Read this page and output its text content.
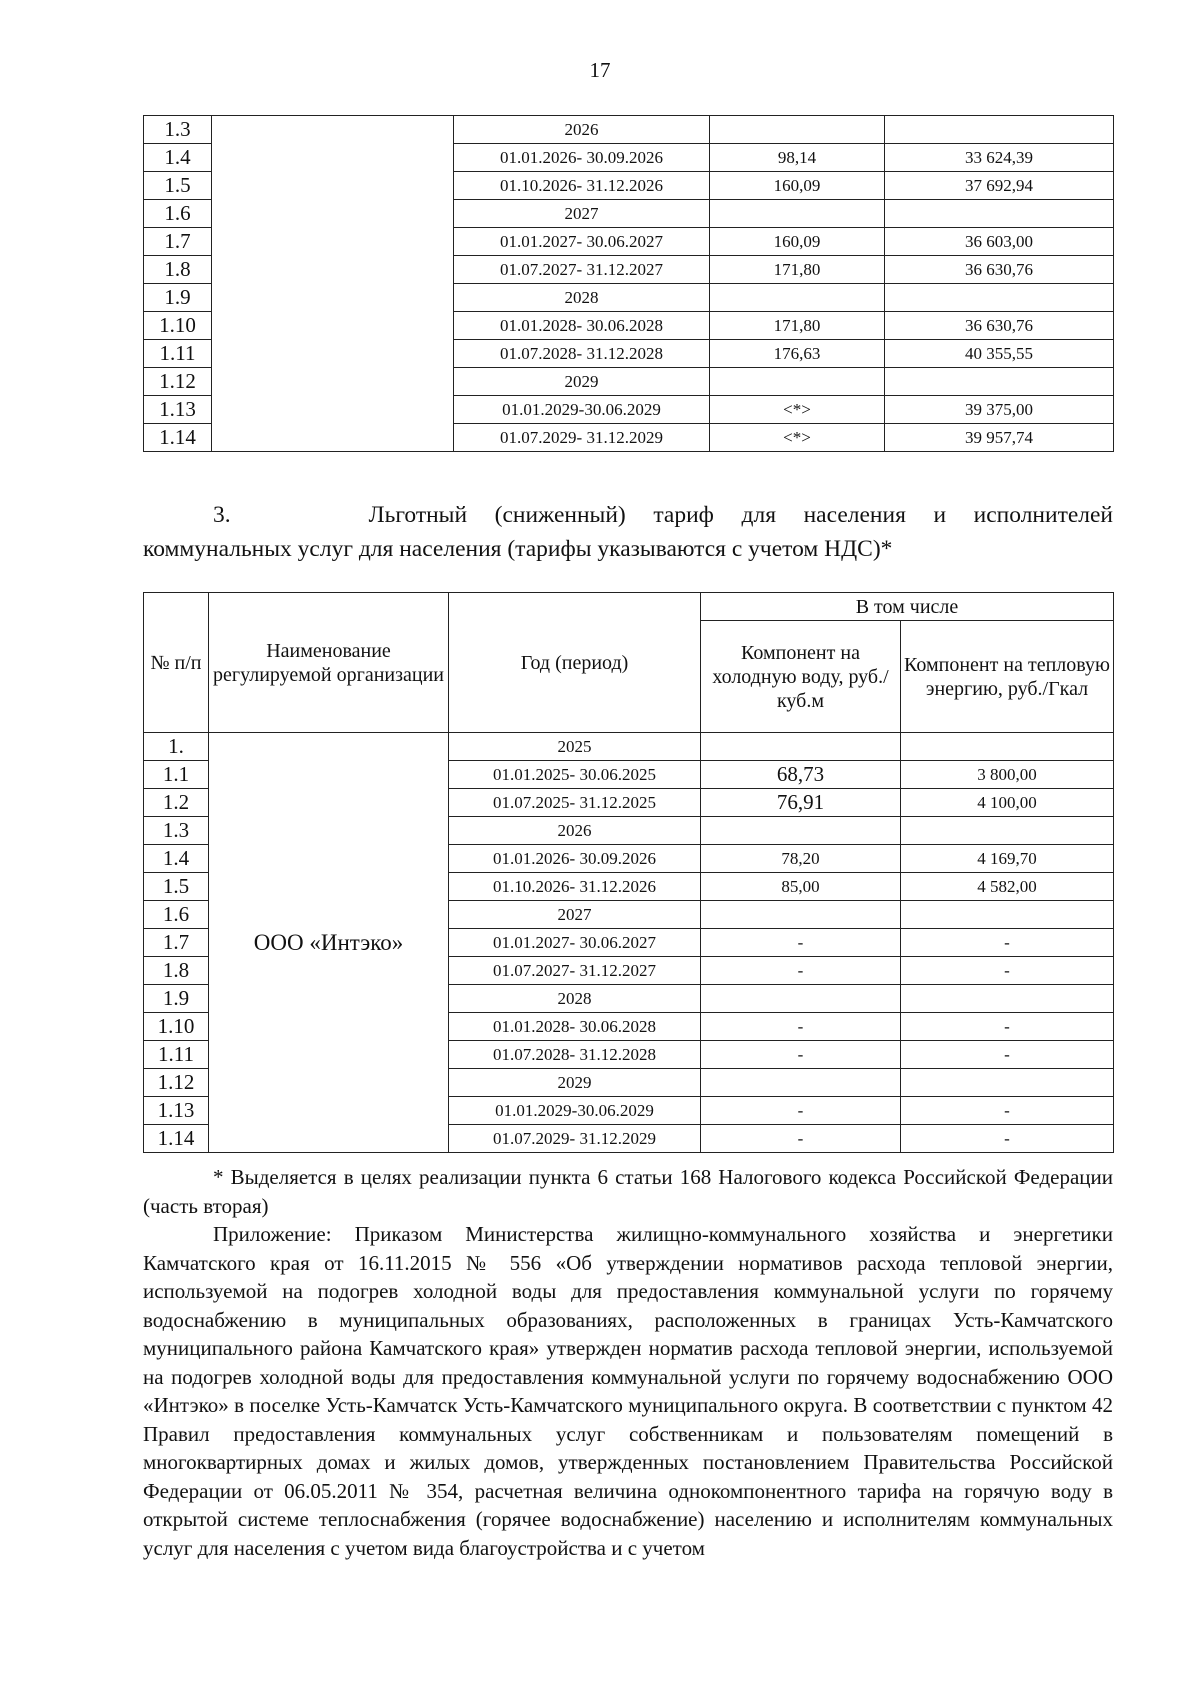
17
1.3		2026		
1.4		01.01.2026- 30.09.2026	98,14	33 624,39
1.5		01.10.2026- 31.12.2026	160,09	37 692,94
1.6		2027		
1.7		01.01.2027- 30.06.2027	160,09	36 603,00
1.8		01.07.2027- 31.12.2027	171,80	36 630,76
1.9		2028		
1.10		01.01.2028- 30.06.2028	171,80	36 630,76
1.11		01.07.2028- 31.12.2028	176,63	40 355,55
1.12		2029		
1.13		01.01.2029-30.06.2029	<*>	39 375,00
1.14		01.07.2029- 31.12.2029	<*>	39 957,74
3.	Льготный (сниженный) тариф для населения и исполнителей
коммунальных услуг для населения (тарифы указываются с учетом НДС)*
№ п/п	Наименование регулируемой организации	Год (период)	В том числе	
			Компонент на холодную воду, руб./куб.м	Компонент на тепловую энергию, руб./Гкал
1.	ООО «Интэко»	2025		
1.1		01.01.2025- 30.06.2025	68,73	3 800,00
1.2		01.07.2025- 31.12.2025	76,91	4 100,00
1.3		2026		
1.4		01.01.2026- 30.09.2026	78,20	4 169,70
1.5		01.10.2026- 31.12.2026	85,00	4 582,00
1.6		2027		
1.7		01.01.2027- 30.06.2027	-	-
1.8		01.07.2027- 31.12.2027	-	-
1.9		2028		
1.10		01.01.2028- 30.06.2028	-	-
1.11		01.07.2028- 31.12.2028	-	-
1.12		2029		
1.13		01.01.2029-30.06.2029	-	-
1.14		01.07.2029- 31.12.2029	-	-

* Выделяется в целях реализации пункта 6 статьи 168 Налогового кодекса Российской Федерации (часть вторая)

Приложение: Приказом Министерства жилищно-коммунального хозяйства и энергетики Камчатского края от 16.11.2015 № 556 «Об утверждении нормативов расхода тепловой энергии, используемой на подогрев холодной воды для предоставления коммунальной услуги по горячему водоснабжению в муниципальных образованиях, расположенных в границах Усть-Камчатского муниципального района Камчатского края» утвержден норматив расхода тепловой энергии, используемой на подогрев холодной воды для предоставления коммунальной услуги по горячему водоснабжению ООО «Интэко» в поселке Усть-Камчатск Усть-Камчатского муниципального округа. В соответствии с пунктом 42 Правил предоставления коммунальных услуг собственникам и пользователям помещений в многоквартирных домах и жилых домов, утвержденных постановлением Правительства Российской Федерации от 06.05.2011 № 354, расчетная величина однокомпонентного тарифа на горячую воду в открытой системе теплоснабжения (горячее водоснабжение) населению и исполнителям коммунальных услуг для населения с учетом вида благоустройства и с учетом
